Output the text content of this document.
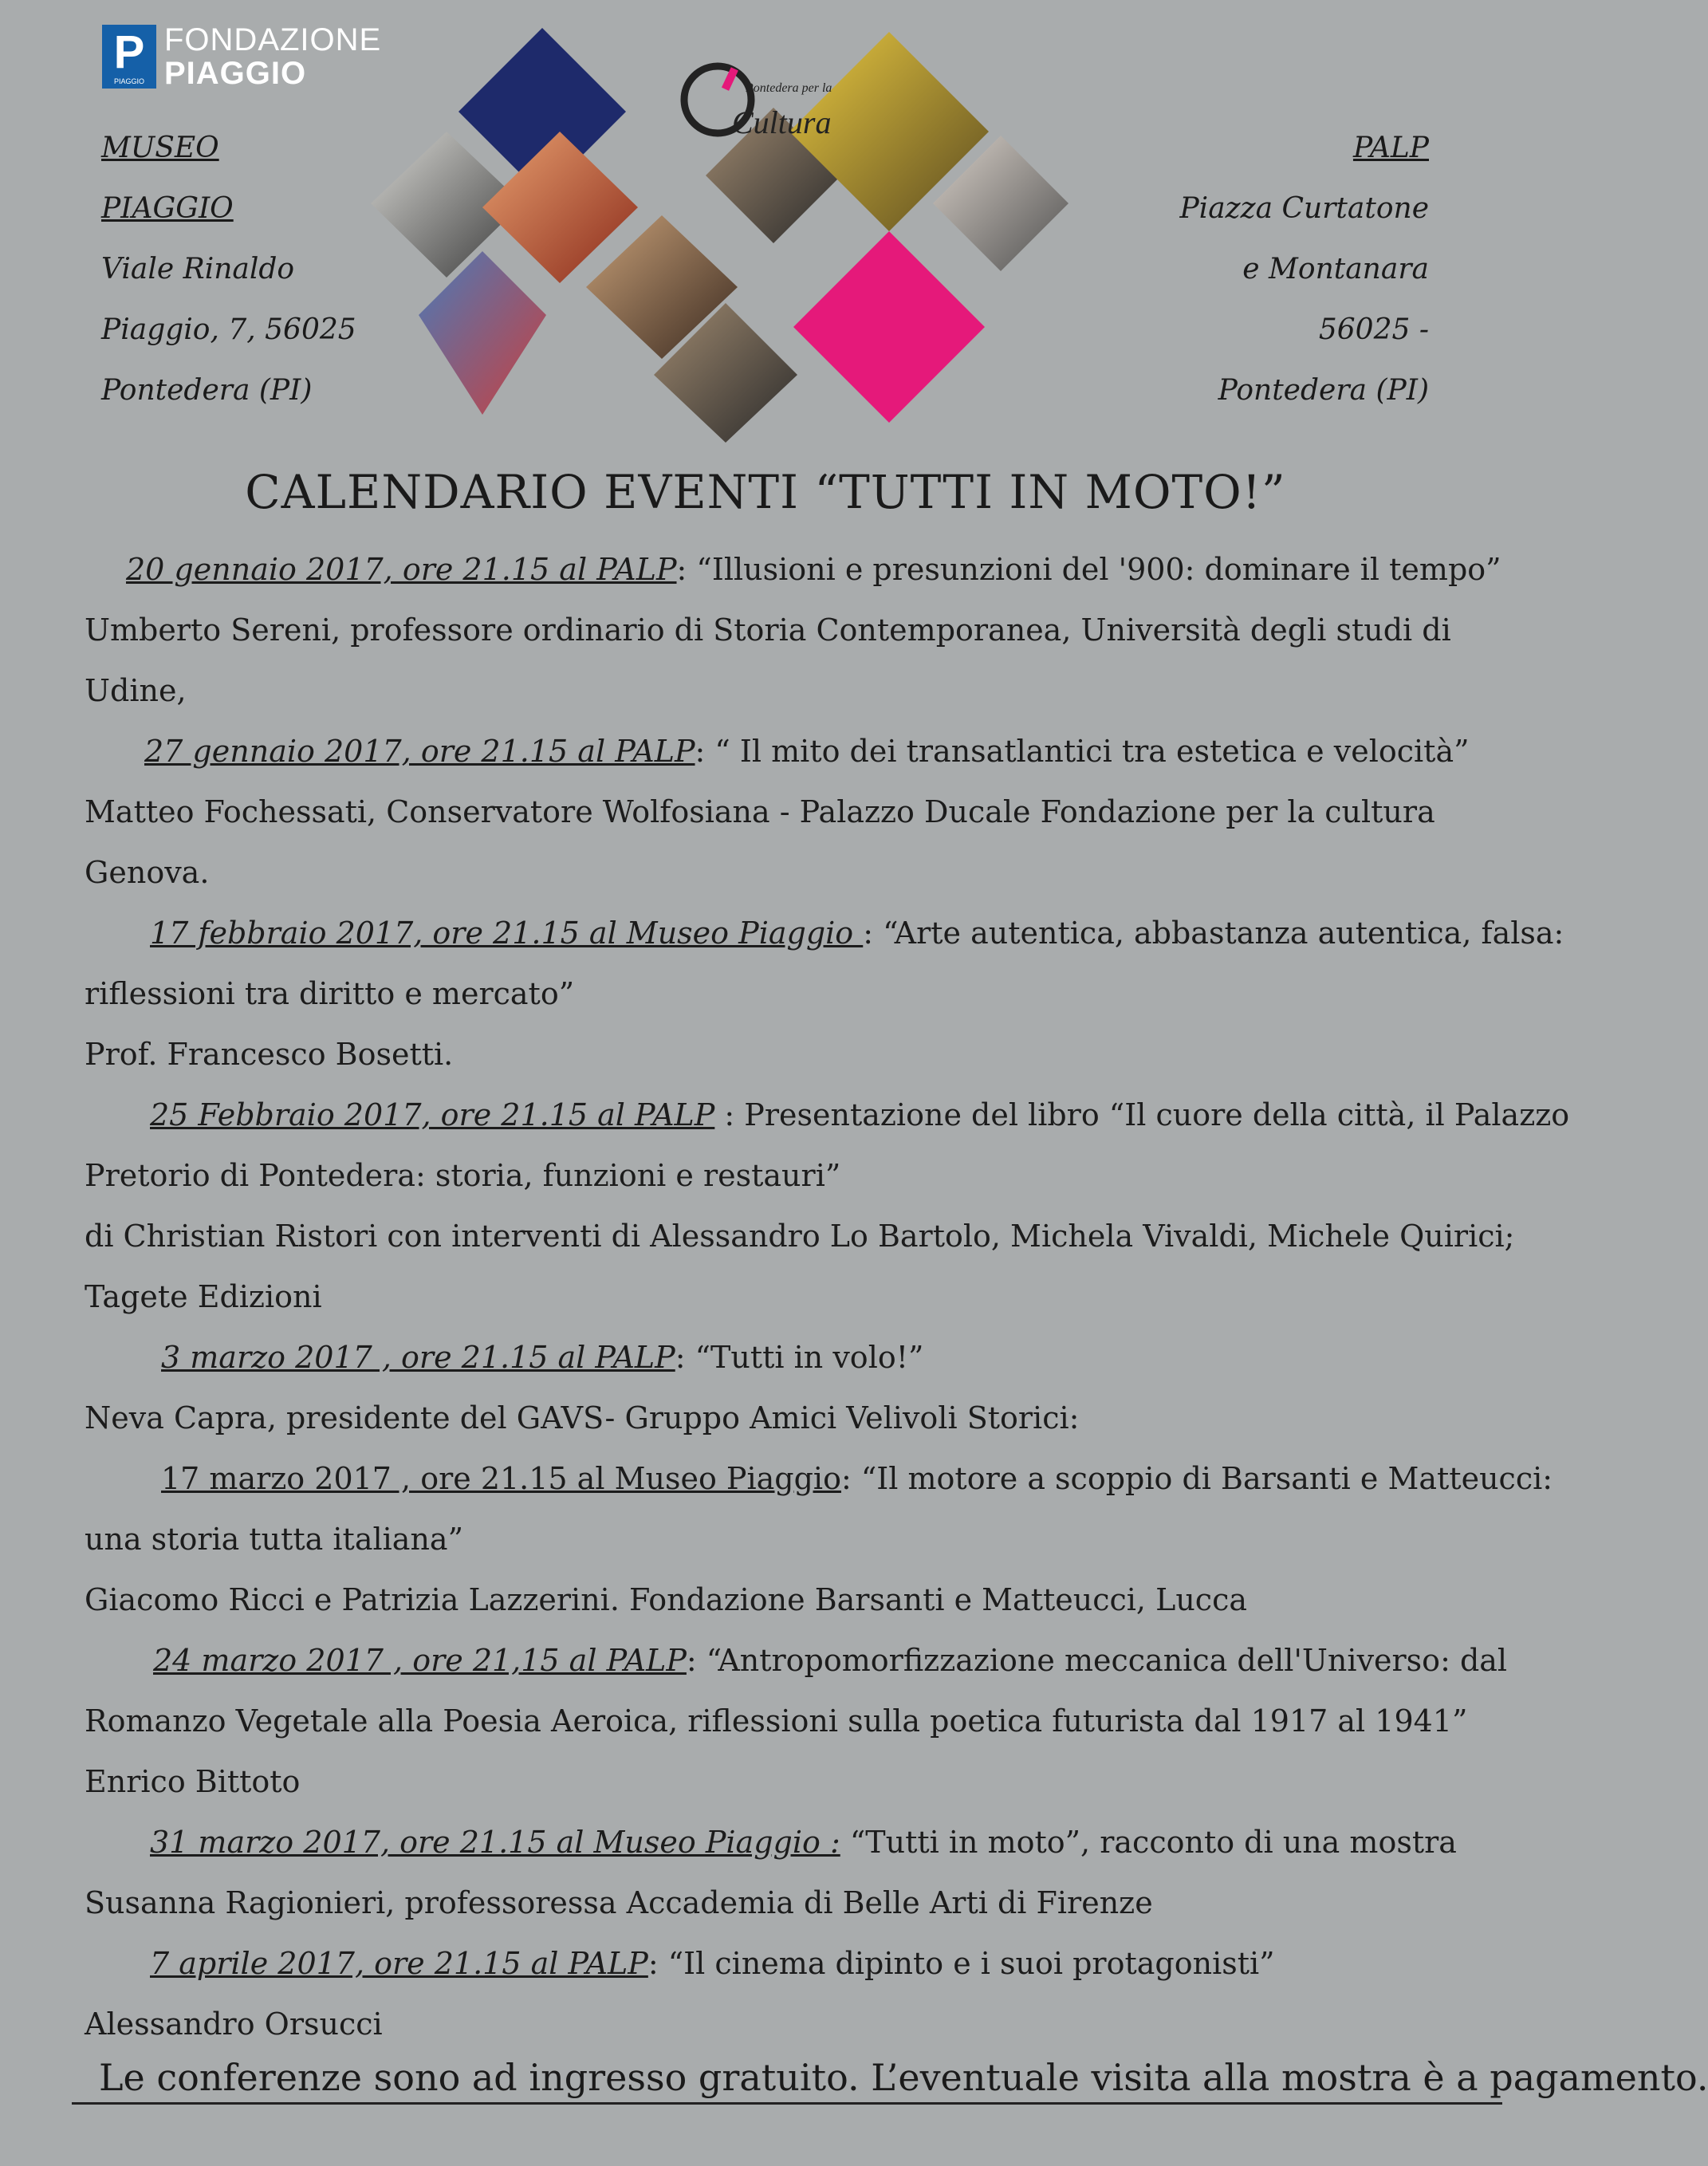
P
PIAGGIO
FONDAZIONE
PIAGGIO
MUSEO
PIAGGIO
Viale Rinaldo
Piaggio, 7, 56025
Pontedera (PI)
PALP
Piazza Curtatone
e Montanara
56025 -
Pontedera (PI)
Pontedera per la
Cultura
CALENDARIO EVENTI “TUTTI IN MOTO!”
20 gennaio 2017, ore 21.15 al PALP: “Illusioni e presunzioni del '900: dominare il tempo”
Umberto Sereni, professore ordinario di Storia Contemporanea, Università degli studi di
Udine,
27 gennaio 2017, ore 21.15 al PALP: “ Il mito dei transatlantici tra estetica e velocità”
Matteo Fochessati, Conservatore Wolfosiana - Palazzo Ducale Fondazione per la cultura
Genova.
17 febbraio 2017, ore 21.15 al Museo Piaggio : “Arte autentica, abbastanza autentica, falsa:
riflessioni tra diritto e mercato”
Prof. Francesco Bosetti.
25 Febbraio 2017, ore 21.15 al PALP : Presentazione del libro “Il cuore della città, il Palazzo
Pretorio di Pontedera: storia, funzioni e restauri”
di Christian Ristori con interventi di Alessandro Lo Bartolo, Michela Vivaldi, Michele Quirici;
Tagete Edizioni
3 marzo 2017 , ore 21.15 al PALP: “Tutti in volo!”
Neva Capra, presidente del GAVS- Gruppo Amici Velivoli Storici:
17 marzo 2017 , ore 21.15 al Museo Piaggio: “Il motore a scoppio di Barsanti e Matteucci:
una storia tutta italiana”
Giacomo Ricci e Patrizia Lazzerini. Fondazione Barsanti e Matteucci, Lucca
24 marzo 2017 , ore 21,15 al PALP: “Antropomorfizzazione meccanica dell'Universo: dal
Romanzo Vegetale alla Poesia Aeroica, riflessioni sulla poetica futurista dal 1917 al 1941”
Enrico Bittoto
31 marzo 2017, ore 21.15 al Museo Piaggio : “Tutti in moto”, racconto di una mostra
Susanna Ragionieri, professoressa Accademia di Belle Arti di Firenze
7 aprile 2017, ore 21.15 al PALP: “Il cinema dipinto e i suoi protagonisti”
Alessandro Orsucci
Le conferenze sono ad ingresso gratuito. L’eventuale visita alla mostra è a pagamento.
